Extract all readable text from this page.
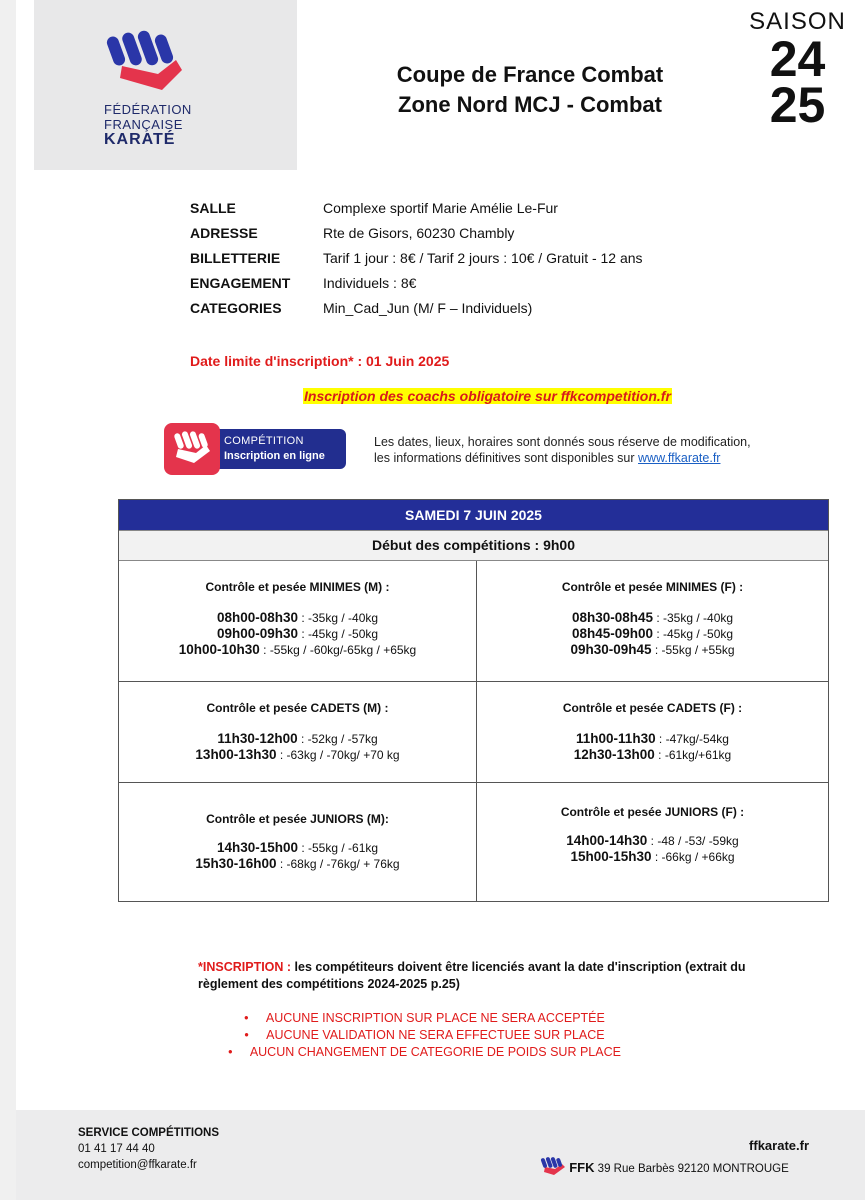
FÉDÉRATION
FRANÇAISE
KARATÉ
Coupe de France Combat
Zone Nord MCJ - Combat
SAISON
24
25
SALLE	Complexe sportif Marie Amélie Le-Fur
ADRESSE	Rte de Gisors, 60230 Chambly
BILLETTERIE	Tarif 1 jour : 8€ / Tarif 2 jours : 10€ / Gratuit - 12 ans
ENGAGEMENT	Individuels : 8€
CATEGORIES	Min_Cad_Jun (M/ F – Individuels)
Date limite d'inscription* : 01 Juin 2025
Inscription des coachs obligatoire sur ffkcompetition.fr
COMPÉTITION
Inscription en ligne
Les dates, lieux, horaires sont donnés sous réserve de modification,
les informations définitives sont disponibles sur www.ffkarate.fr
SAMEDI 7 JUIN 2025
Début des compétitions : 9h00
Contrôle et pesée MINIMES (M) :
08h00-08h30 : -35kg / -40kg
09h00-09h30 : -45kg / -50kg
10h00-10h30 : -55kg / -60kg/-65kg / +65kg
Contrôle et pesée MINIMES (F) :
08h30-08h45 : -35kg / -40kg
08h45-09h00 : -45kg / -50kg
09h30-09h45 : -55kg / +55kg
Contrôle et pesée CADETS (M) :
11h30-12h00 : -52kg / -57kg
13h00-13h30 : -63kg / -70kg/ +70 kg
Contrôle et pesée CADETS (F) :
11h00-11h30 : -47kg/-54kg
12h30-13h00 : -61kg/+61kg
Contrôle et pesée JUNIORS (M):
14h30-15h00 : -55kg / -61kg
15h30-16h00 : -68kg / -76kg/ + 76kg
Contrôle et pesée JUNIORS (F) :
14h00-14h30 : -48 / -53/ -59kg
15h00-15h30 : -66kg / +66kg
*INSCRIPTION : les compétiteurs doivent être licenciés avant la date d'inscription (extrait du règlement des compétitions 2024-2025 p.25)
•     AUCUNE INSCRIPTION SUR PLACE NE SERA ACCEPTÉE
•     AUCUNE VALIDATION NE SERA EFFECTUEE SUR PLACE
•     AUCUN CHANGEMENT DE CATEGORIE DE POIDS SUR PLACE
SERVICE COMPÉTITIONS
01 41 17 44 40
competition@ffkarate.fr
ffkarate.fr
FFK 39 Rue Barbès 92120 MONTROUGE
